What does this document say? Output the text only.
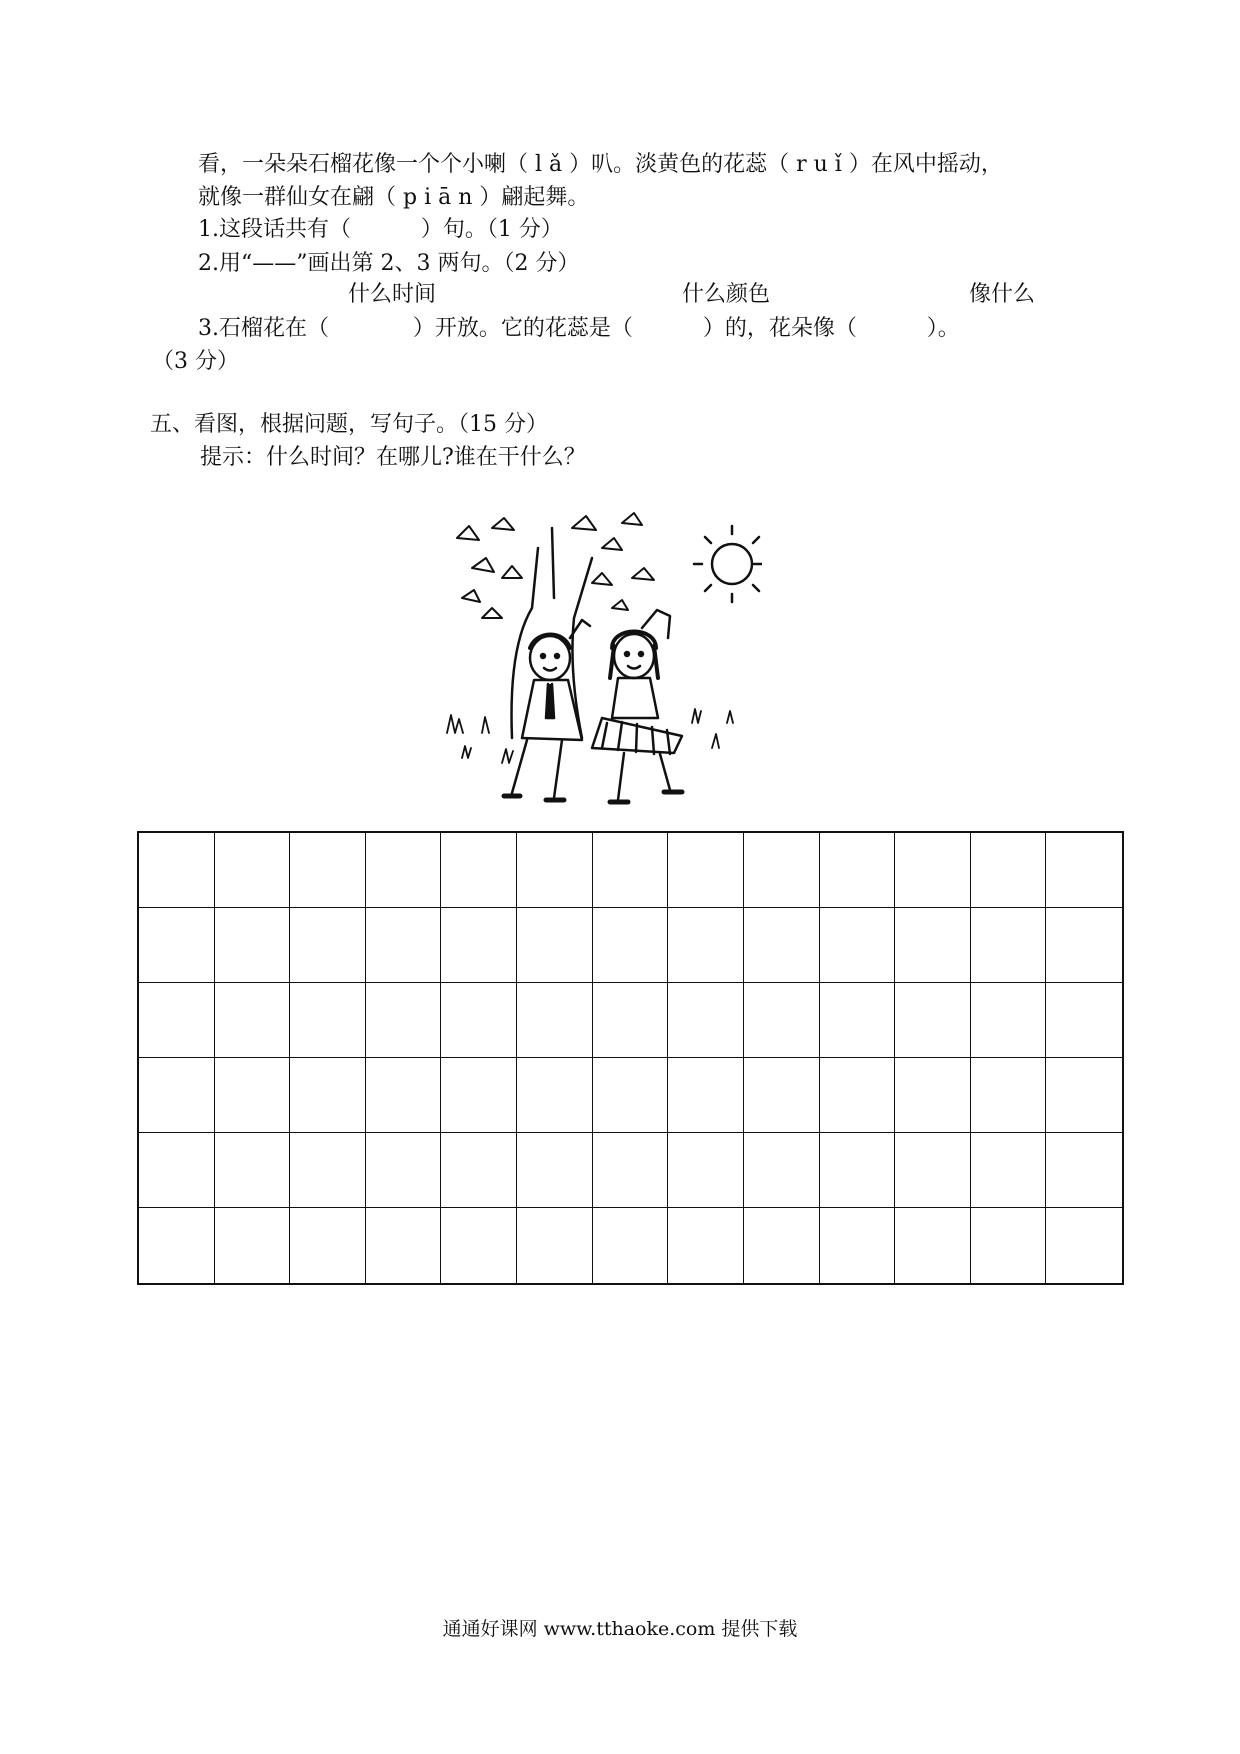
看，一朵朵石榴花像一个个小喇（ l ǎ ）叭。淡黄色的花蕊（ r u ǐ ）在风中摇动，
就像一群仙女在翩（ p i ā n ）翩起舞。
1.这段话共有（          ）句。（1 分）
2.用“——”画出第 2、3 两句。（2 分）
什么时间	什么颜色	像什么
3.石榴花在（            ）开放。它的花蕊是（          ）的，花朵像（          ）。
（3 分）
五、看图，根据问题，写句子。（15 分）
提示：什么时间？在哪儿?谁在干什么？
通通好课网 www.tthaoke.com 提供下载
